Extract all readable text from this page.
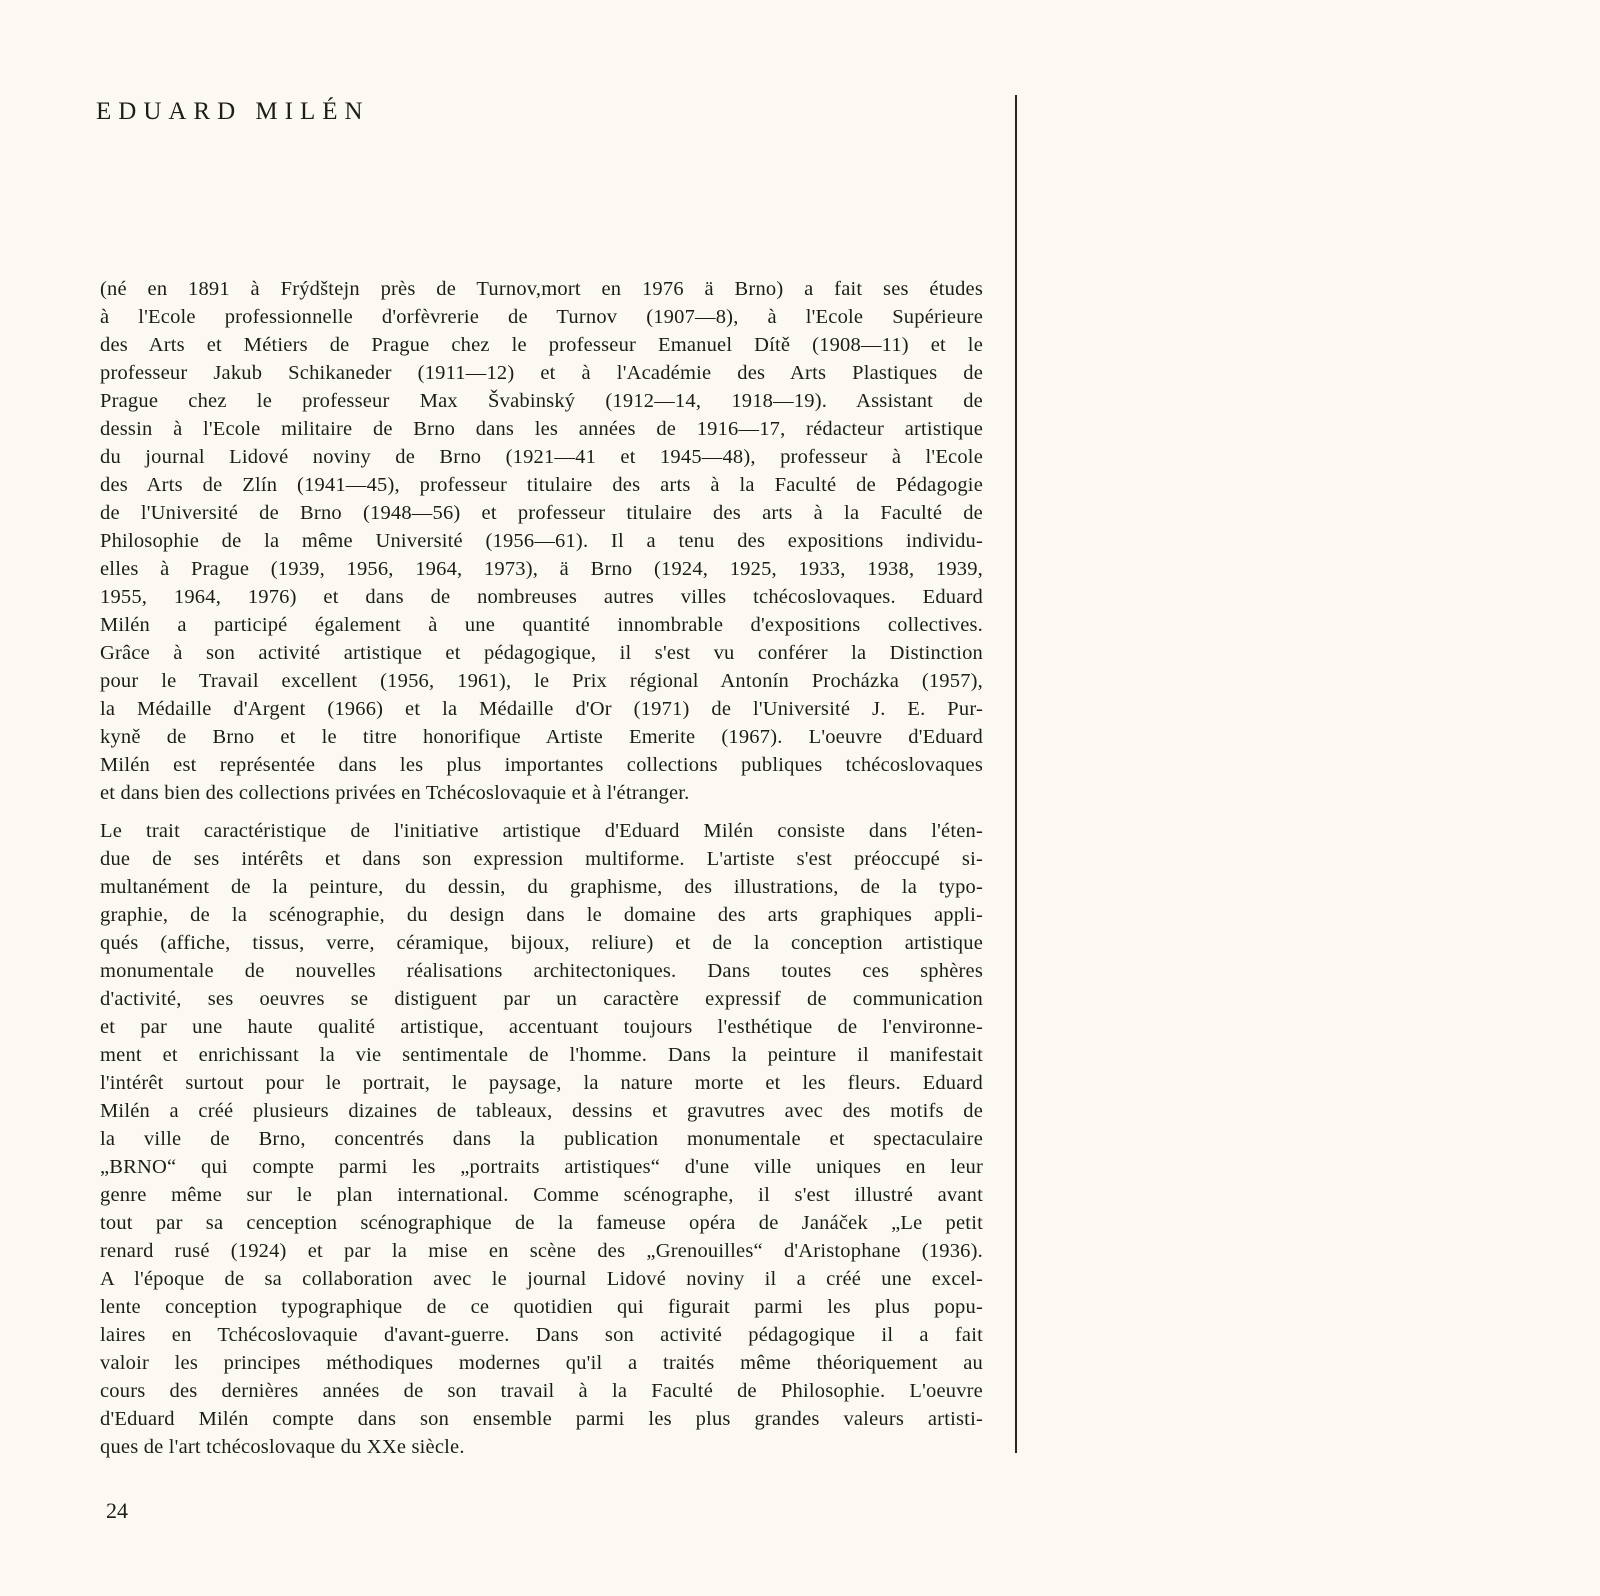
EDUARD MILÉN
(né en 1891 à Frýdštejn près de Turnov,mort en 1976 ä Brno) a fait ses études
à l'Ecole professionnelle d'orfèvrerie de Turnov (1907—8), à l'Ecole Supérieure
des Arts et Métiers de Prague chez le professeur Emanuel Dítě (1908—11) et le
professeur Jakub Schikaneder (1911—12) et à l'Académie des Arts Plastiques de
Prague chez le professeur Max Švabinský (1912—14, 1918—19). Assistant de
dessin à l'Ecole militaire de Brno dans les années de 1916—17, rédacteur artistique
du journal Lidové noviny de Brno (1921—41 et 1945—48), professeur à l'Ecole
des Arts de Zlín (1941—45), professeur titulaire des arts à la Faculté de Pédagogie
de l'Université de Brno (1948—56) et professeur titulaire des arts à la Faculté de
Philosophie de la même Université (1956—61). Il a tenu des expositions individu-
elles à Prague (1939, 1956, 1964, 1973), ä Brno (1924, 1925, 1933, 1938, 1939,
1955, 1964, 1976) et dans de nombreuses autres villes tchécoslovaques. Eduard
Milén a participé également à une quantité innombrable d'expositions collectives.
Grâce à son activité artistique et pédagogique, il s'est vu conférer la Distinction
pour le Travail excellent (1956, 1961), le Prix régional Antonín Procházka (1957),
la Médaille d'Argent (1966) et la Médaille d'Or (1971) de l'Université J. E. Pur-
kyně de Brno et le titre honorifique Artiste Emerite (1967). L'oeuvre d'Eduard
Milén est représentée dans les plus importantes collections publiques tchécoslovaques
et dans bien des collections privées en Tchécoslovaquie et à l'étranger.
Le trait caractéristique de l'initiative artistique d'Eduard Milén consiste dans l'éten-
due de ses intérêts et dans son expression multiforme. L'artiste s'est préoccupé si-
multanément de la peinture, du dessin, du graphisme, des illustrations, de la typo-
graphie, de la scénographie, du design dans le domaine des arts graphiques appli-
qués (affiche, tissus, verre, céramique, bijoux, reliure) et de la conception artistique
monumentale de nouvelles réalisations architectoniques. Dans toutes ces sphères
d'activité, ses oeuvres se distiguent par un caractère expressif de communication
et par une haute qualité artistique, accentuant toujours l'esthétique de l'environne-
ment et enrichissant la vie sentimentale de l'homme. Dans la peinture il manifestait
l'intérêt surtout pour le portrait, le paysage, la nature morte et les fleurs. Eduard
Milén a créé plusieurs dizaines de tableaux, dessins et gravutres avec des motifs de
la ville de Brno, concentrés dans la publication monumentale et spectaculaire
„BRNO“ qui compte parmi les „portraits artistiques“ d'une ville uniques en leur
genre même sur le plan international. Comme scénographe, il s'est illustré avant
tout par sa cenception scénographique de la fameuse opéra de Janáček „Le petit
renard rusé (1924) et par la mise en scène des „Grenouilles“ d'Aristophane (1936).
A l'époque de sa collaboration avec le journal Lidové noviny il a créé une excel-
lente conception typographique de ce quotidien qui figurait parmi les plus popu-
laires en Tchécoslovaquie d'avant-guerre. Dans son activité pédagogique il a fait
valoir les principes méthodiques modernes qu'il a traités même théoriquement au
cours des dernières années de son travail à la Faculté de Philosophie. L'oeuvre
d'Eduard Milén compte dans son ensemble parmi les plus grandes valeurs artisti-
ques de l'art tchécoslovaque du XXe siècle.
24
